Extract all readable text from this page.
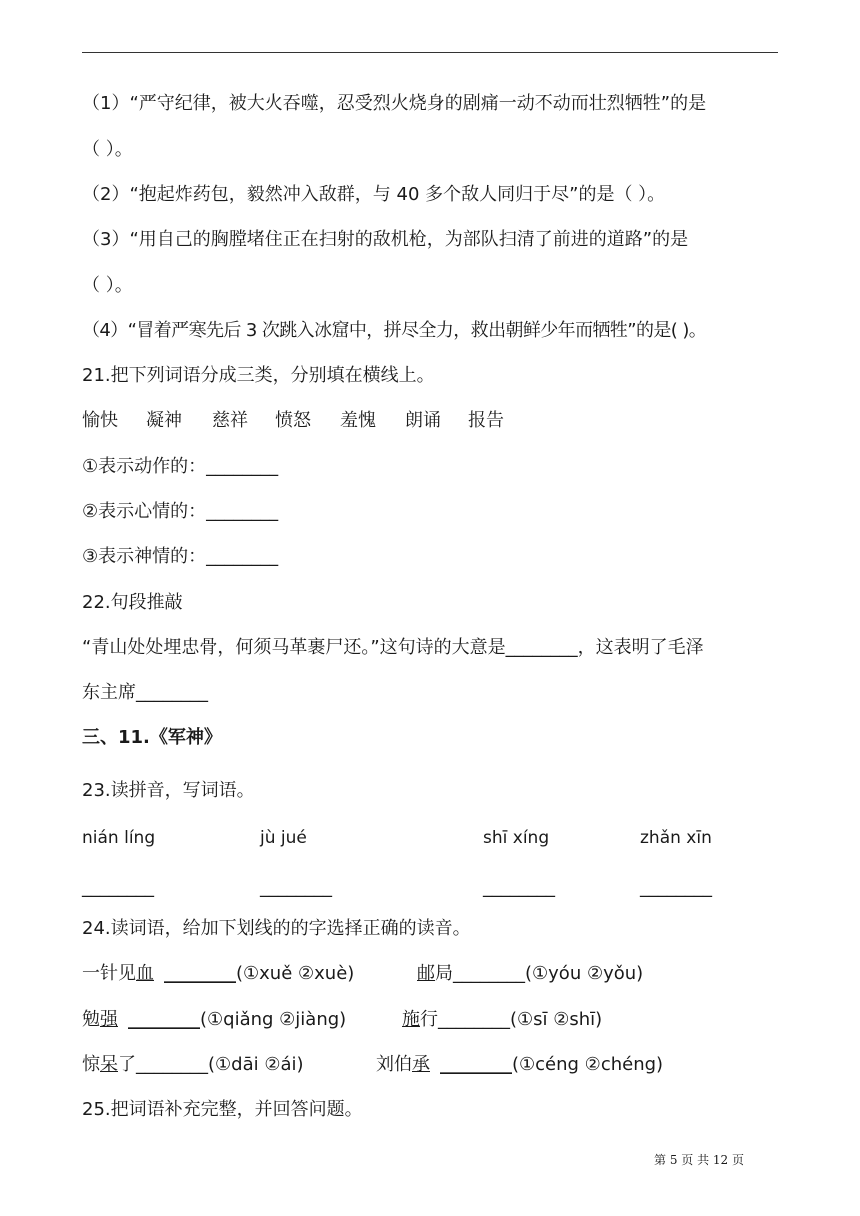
（1）“严守纪律，被大火吞噬，忍受烈火烧身的剧痛一动不动而壮烈牺牲”的是
（ ）。
（2）“抱起炸药包，毅然冲入敌群，与 40 多个敌人同归于尽”的是（ ）。
（3）“用自己的胸膛堵住正在扫射的敌机枪，为部队扫清了前进的道路”的是
（ ）。
（4）“冒着严寒先后 3 次跳入冰窟中，拼尽全力，救出朝鲜少年而牺牲”的是( )。
21.把下列词语分成三类，分别填在横线上。
愉快 凝神 慈祥 愤怒 羞愧 朗诵 报告
①表示动作的：________
②表示心情的：________
③表示神情的：________
22.句段推敲
“青山处处埋忠骨，何须马革裹尸还。”这句诗的大意是________，这表明了毛泽
东主席________
三、11.《军神》
23.读拼音，写词语。
nián líng	jù jué	shī xíng	zhǎn xīn
________	________	________	________
24.读词语，给加下划线的的字选择正确的读音。
一针见血 ________(①xuě ②xuè)	邮局________(①yóu ②yǒu)
勉强 ________(①qiǎng ②jiàng)	施行________(①sī ②shī)
惊呆了________(①dāi ②ái)	刘伯承 ________(①céng ②chéng)
25.把词语补充完整，并回答问题。
第 5 页 共 12 页
